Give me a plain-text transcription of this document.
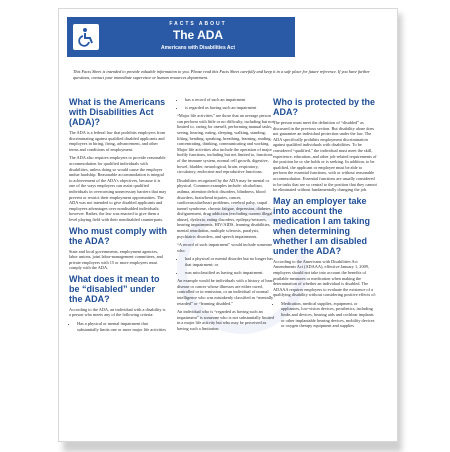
FACTS ABOUT
The ADA
Americans with Disabilities Act
This Facts Sheet is intended to provide valuable information to you. Please read this Facts Sheet carefully and keep it in a safe place for future reference. If you have further questions, contact your immediate supervisor or human resources department.
What is the Americans with Disabilities Act (ADA)?

The ADA is a federal law that prohibits employers from discriminating against qualified disabled applicants and employees in hiring, firing, advancement, and other terms and conditions of employment.

The ADA also requires employers to provide reasonable accommodation for qualified individuals with disabilities, unless doing so would cause the employer undue hardship. Reasonable accommodation is integral to achievement of the ADA's objectives, because it is one of the ways employers can assist qualified individuals in overcoming unnecessary barriers that may prevent or restrict their employment opportunities. The ADA was not intended to give disabled applicants and employees advantages over nondisabled individuals; however. Rather, the law was enacted to give them a level playing field with their nondisabled counterparts.

Who must comply with the ADA?

State and local governments, employment agencies, labor unions, joint labor-management committees, and private employers with 15 or more employees must comply with the ADA.

What does it mean to be “disabled” under the ADA?

According to the ADA, an individual with a disability is a person who meets any of the following criteria:

• Has a physical or mental impairment that substantially limits one or more major life activities
• has a record of such an impairment
• is regarded as having such an impairment

“Major life activities” are those that an average person can perform with little or no difficulty, including but not limited to, caring for oneself, performing manual tasks, seeing, hearing, eating, sleeping, walking, standing, lifting, bending, speaking, breathing, learning, reading, concentrating, thinking, communicating and working. Major life activities also include the operation of major bodily functions, including but not limited to, functions of the immune system, normal cell growth, digestive, bowel, bladder, neurological, brain, respiratory, circulatory, endocrine and reproductive functions.

Disabilities recognized by the ADA may be mental or physical. Common examples include: alcoholism, asthma, attention deficit disorders, blindness, blood disorders, brain/head injuries, cancer, cardiovascular/heart problems, cerebral palsy, carpal tunnel syndrome, chronic fatigue, depression, diabetes, disfigurement, drug addiction (excluding current illegal abuse), dyslexia, eating disorders, epilepsy/seizures, hearing impairments, HIV/AIDS, learning disabilities, mental retardation, multiple sclerosis, paralysis, psychiatric disorders, and speech impairments.

“A record of such impairment” would include someone who:

• had a physical or mental disorder but no longer has that impairment; or
• was misclassified as having such impairment.

An example would be individuals with a history of heart disease or cancer whose illnesses are either cured, controlled or in remission, or an individual of normal intelligence who was mistakenly classified as “mentally retarded” or “learning disabled.”

An individual who is “regarded as having such an impairment” is someone who is not substantially limited in a major life activity but who may be perceived as having such a limitation.

Who is protected by the ADA?

The person must meet the definition of “disabled” as discussed in the previous section. But disability alone does not guarantee an individual protection under the law. The ADA specifically prohibits employment discrimination against qualified individuals with disabilities. To be considered “qualified,” the individual must meet the skill, experience, education, and other job-related requirements of the position he or she holds or is seeking. In addition, to be qualified, the applicant or employee must be able to perform the essential functions, with or without reasonable accommodation. Essential functions are usually considered to be tasks that are so central to the position that they cannot be eliminated without fundamentally changing the job.

May an employer take into account the medication I am taking when determining whether I am disabled under the ADA?

According to the Americans with Disabilities Act Amendments Act (ADAAA), effective January 1, 2009, employers should not take into account the benefits of available measures or medication when making the determination of whether an individual is disabled. The ADAAA requires employers to evaluate the existence of a qualifying disability without considering positive effects of:

• Medication, medical supplies, equipment, or appliances, low-vision devices, prosthetics, including limbs and devices, hearing aids and cochlear implants or other implantable hearing devices, mobility devices or oxygen therapy equipment and supplies
